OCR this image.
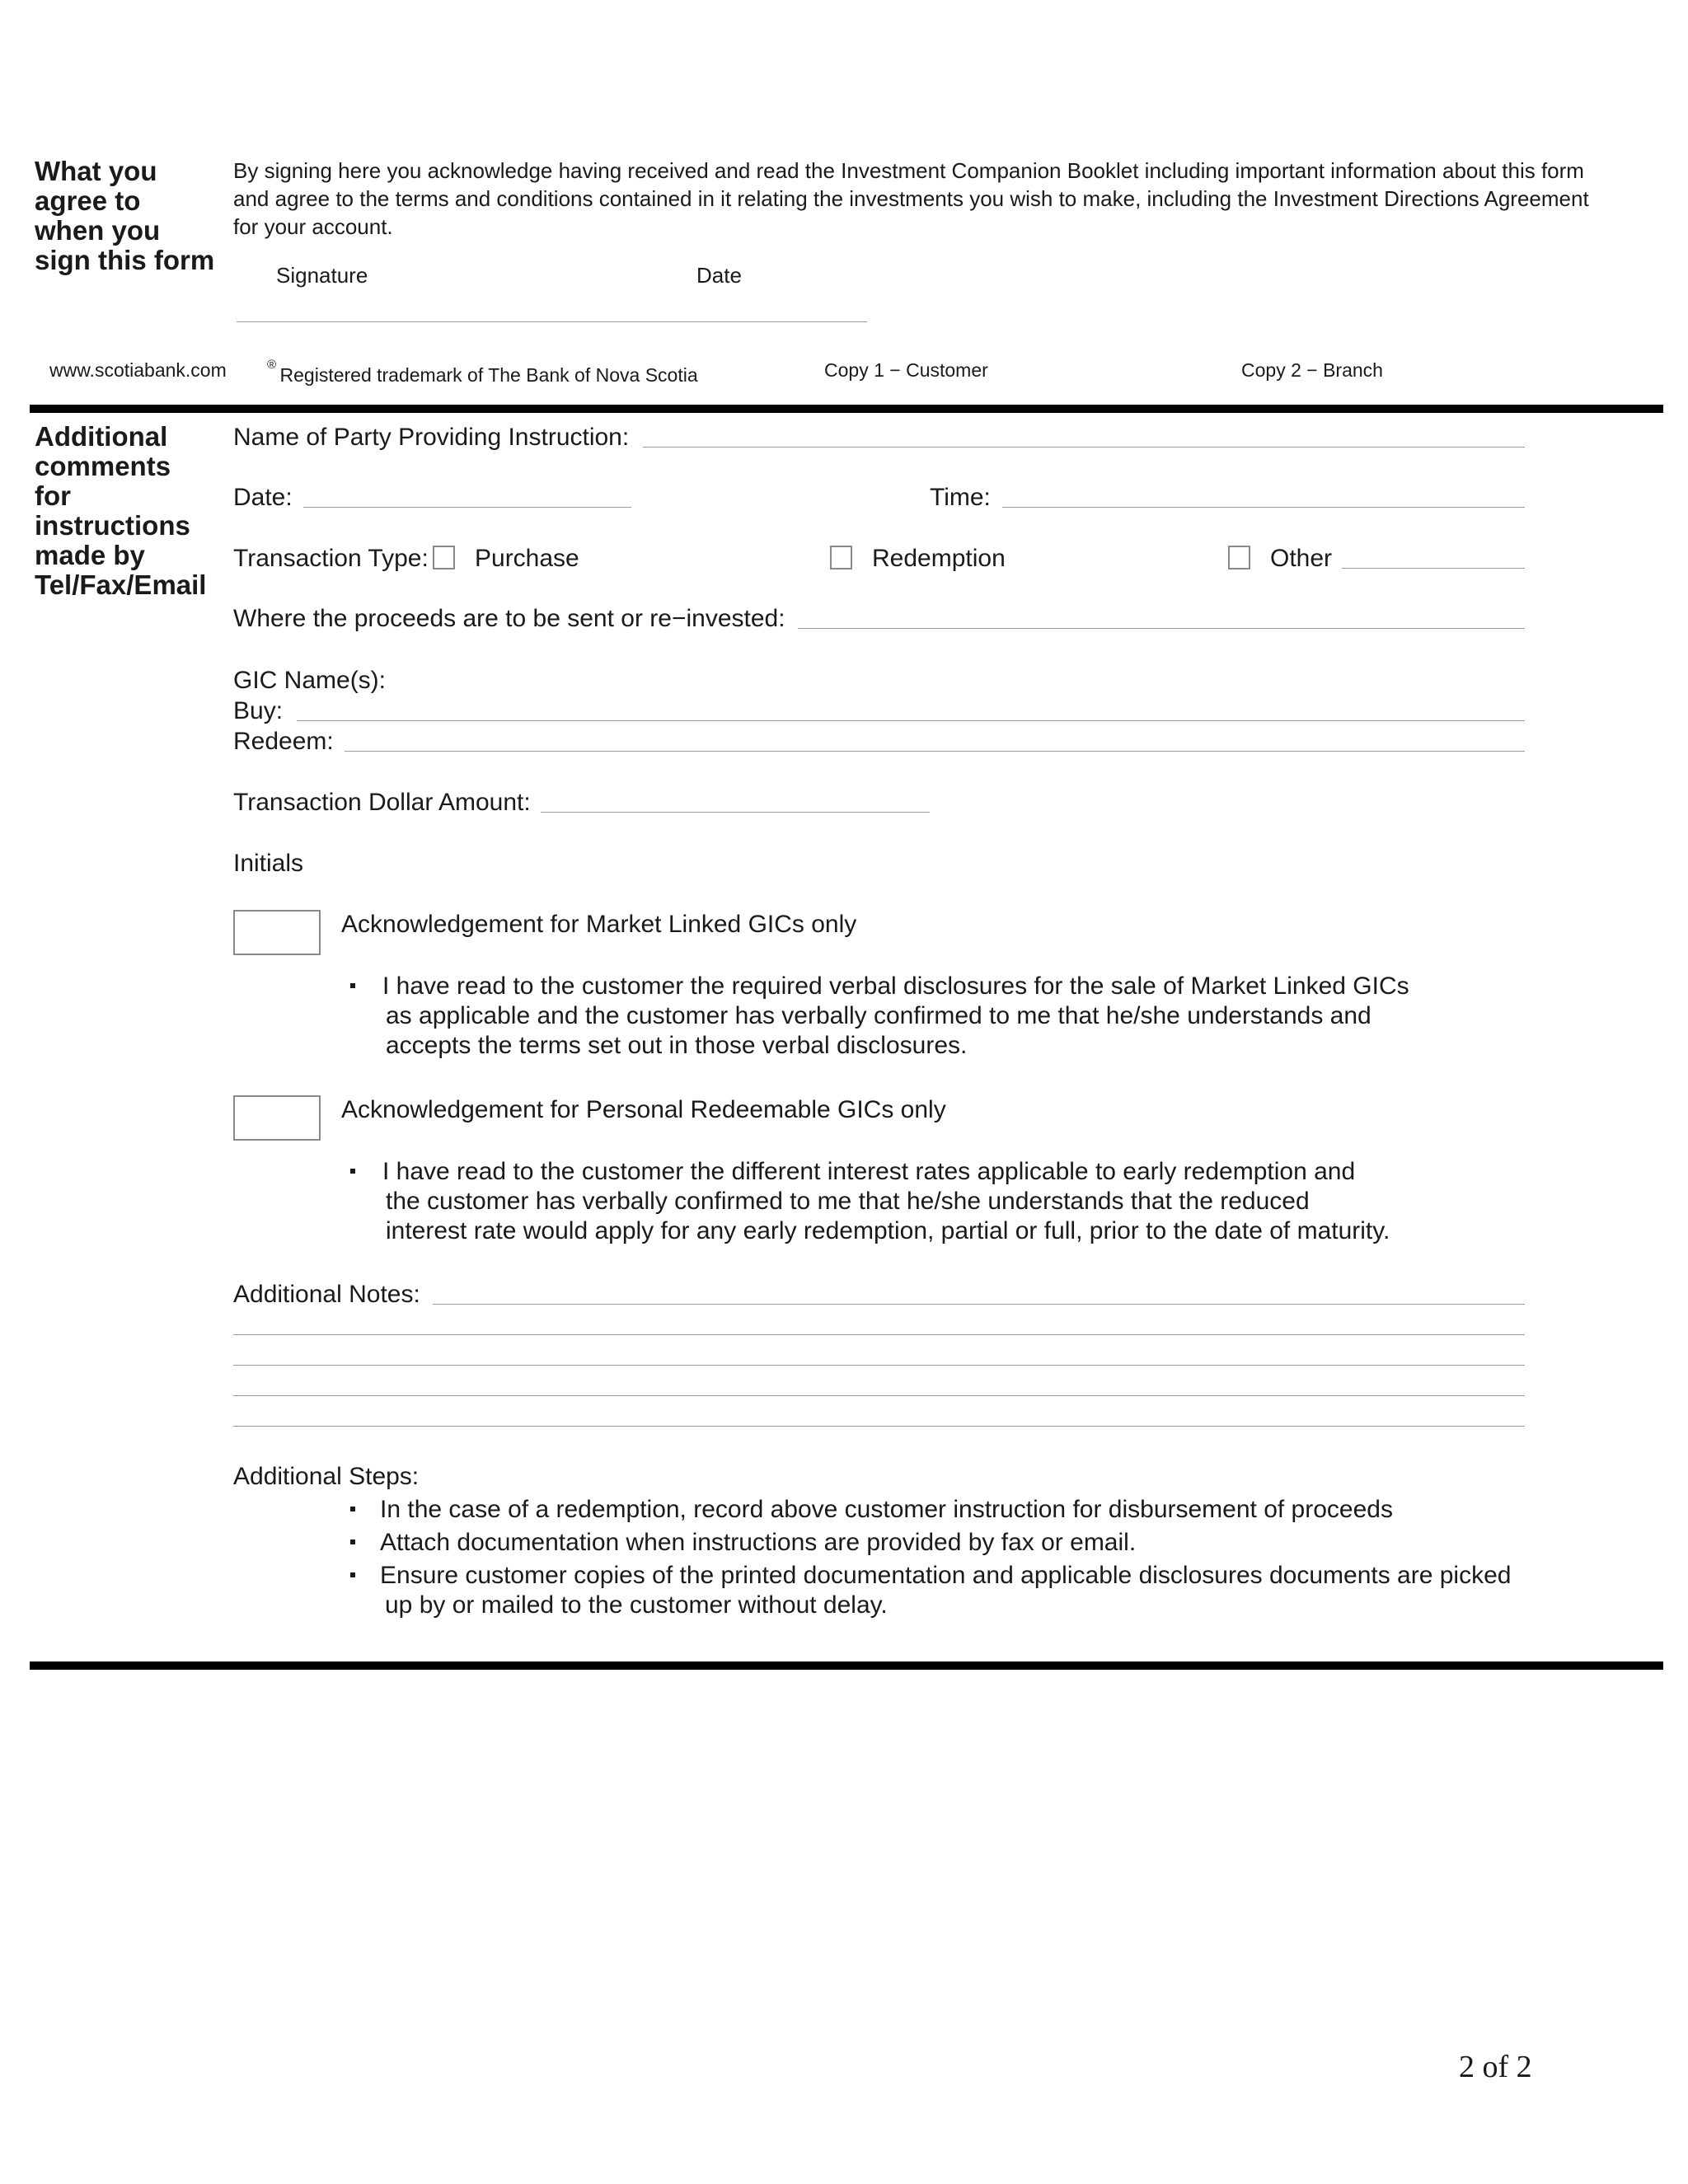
What you
agree to
when you
sign this form
By signing here you acknowledge having received and read the Investment Companion Booklet including important information about this form
and agree to the terms and conditions contained in it relating the investments you wish to make, including the Investment Directions Agreement
for your account.
Signature	Date
www.scotiabank.com	® Registered trademark of The Bank of Nova Scotia	Copy 1 − Customer	Copy 2 − Branch
Additional
comments
for
instructions
made by
Tel/Fax/Email
Name of Party Providing Instruction:
Date:	Time:
Transaction Type: Purchase	Redemption	Other
Where the proceeds are to be sent or re−invested:
GIC Name(s):
Buy:
Redeem:
Transaction Dollar Amount:
Initials
Acknowledgement for Market Linked GICs only
I have read to the customer the required verbal disclosures for the sale of Market Linked GICs
as applicable and the customer has verbally confirmed to me that he/she understands and
accepts the terms set out in those verbal disclosures.
Acknowledgement for Personal Redeemable GICs only
I have read to the customer the different interest rates applicable to early redemption and
the customer has verbally confirmed to me that he/she understands that the reduced
interest rate would apply for any early redemption, partial or full, prior to the date of maturity.
Additional Notes:
Additional Steps:
In the case of a redemption, record above customer instruction for disbursement of proceeds
Attach documentation when instructions are provided by fax or email.
Ensure customer copies of the printed documentation and applicable disclosures documents are picked
up by or mailed to the customer without delay.
2 of 2
